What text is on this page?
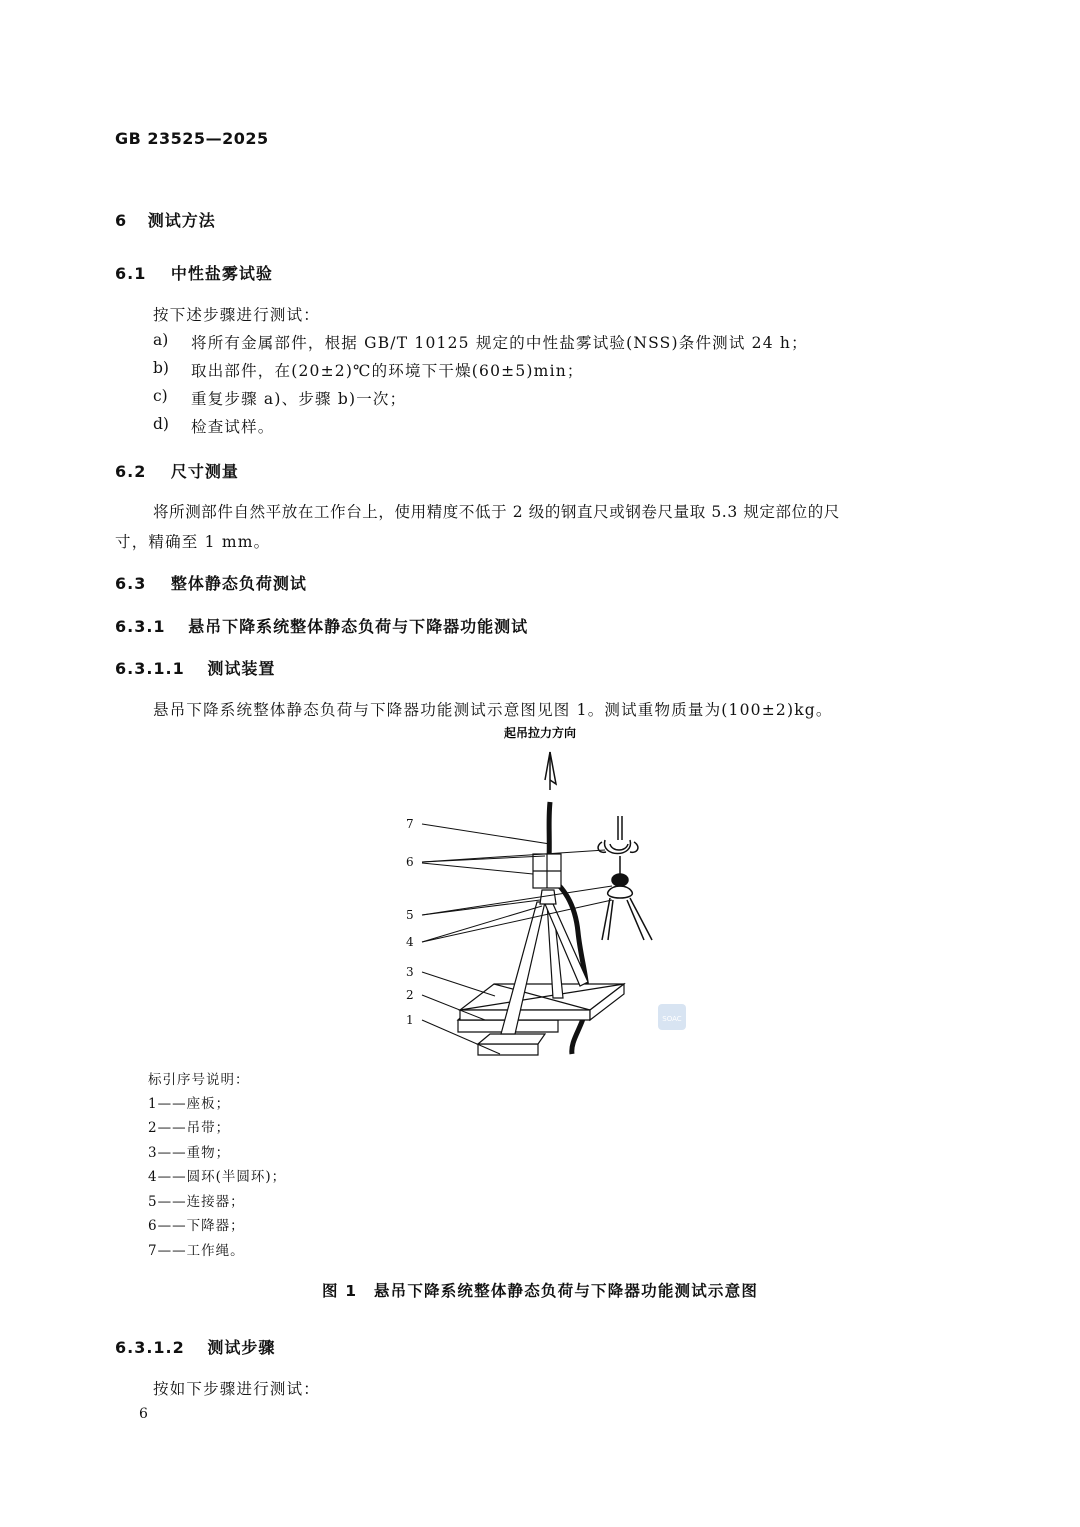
GB 23525—2025
6 测试方法
6.1 中性盐雾试验
按下述步骤进行测试：
a) 将所有金属部件，根据 GB/T 10125 规定的中性盐雾试验(NSS)条件测试 24 h；
b) 取出部件，在(20±2)℃的环境下干燥(60±5)min；
c) 重复步骤 a)、步骤 b)一次；
d) 检查试样。
6.2 尺寸测量
将所测部件自然平放在工作台上，使用精度不低于 2 级的钢直尺或钢卷尺量取 5.3 规定部位的尺
寸，精确至 1 mm。
6.3 整体静态负荷测试
6.3.1 悬吊下降系统整体静态负荷与下降器功能测试
6.3.1.1 测试装置
悬吊下降系统整体静态负荷与下降器功能测试示意图见图 1。测试重物质量为(100±2)kg。
起吊拉力方向
7
6
5
4
3
2
1	SOAC
标引序号说明：
1——座板；
2——吊带；
3——重物；
4——圆环(半圆环)；
5——连接器；
6——下降器；
7——工作绳。
图 1　悬吊下降系统整体静态负荷与下降器功能测试示意图
6.3.1.2 测试步骤
按如下步骤进行测试：
6
